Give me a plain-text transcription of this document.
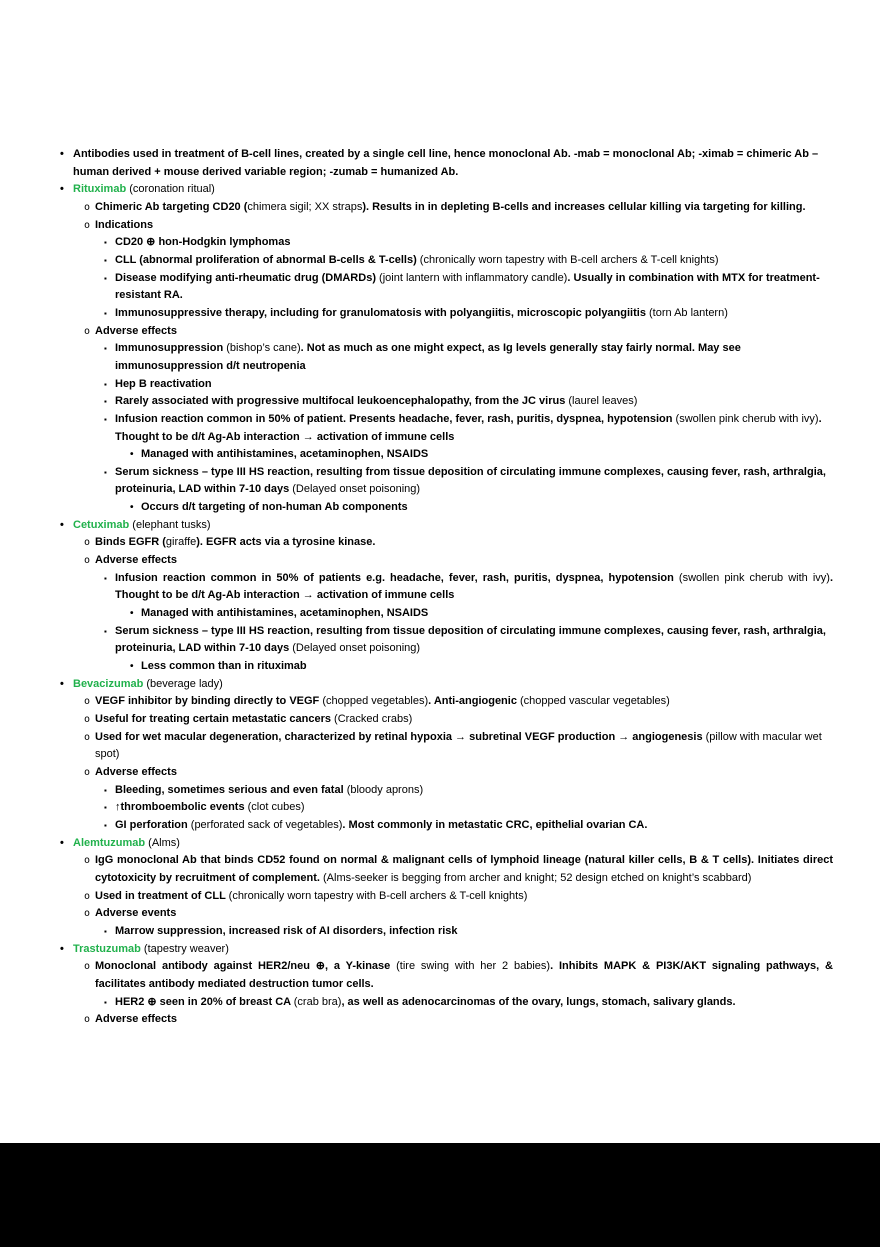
• Antibodies used in treatment of B-cell lines, created by a single cell line, hence monoclonal Ab. -mab = monoclonal Ab; -ximab = chimeric Ab – human derived + mouse derived variable region; -zumab = humanized Ab.
• Rituximab (coronation ritual)
o Chimeric Ab targeting CD20 (chimera sigil; XX straps). Results in in depleting B-cells and increases cellular killing via targeting for killing.
o Indications
▪ CD20 ⊕ hon-Hodgkin lymphomas
▪ CLL (abnormal proliferation of abnormal B-cells & T-cells) (chronically worn tapestry with B-cell archers & T-cell knights)
▪ Disease modifying anti-rheumatic drug (DMARDs) (joint lantern with inflammatory candle). Usually in combination with MTX for treatment-resistant RA.
▪ Immunosuppressive therapy, including for granulomatosis with polyangiitis, microscopic polyangiitis (torn Ab lantern)
o Adverse effects
▪ Immunosuppression (bishop’s cane). Not as much as one might expect, as Ig levels generally stay fairly normal. May see immunosuppression d/t neutropenia
▪ Hep B reactivation
▪ Rarely associated with progressive multifocal leukoencephalopathy, from the JC virus (laurel leaves)
▪ Infusion reaction common in 50% of patient. Presents headache, fever, rash, puritis, dyspnea, hypotension (swollen pink cherub with ivy). Thought to be d/t Ag-Ab interaction → activation of immune cells
• Managed with antihistamines, acetaminophen, NSAIDS
▪ Serum sickness – type III HS reaction, resulting from tissue deposition of circulating immune complexes, causing fever, rash, arthralgia, proteinuria, LAD within 7-10 days (Delayed onset poisoning)
• Occurs d/t targeting of non-human Ab components
• Cetuximab (elephant tusks)
o Binds EGFR (giraffe). EGFR acts via a tyrosine kinase.
o Adverse effects
▪ Infusion reaction common in 50% of patients e.g. headache, fever, rash, puritis, dyspnea, hypotension (swollen pink cherub with ivy). Thought to be d/t Ag-Ab interaction → activation of immune cells
• Managed with antihistamines, acetaminophen, NSAIDS
▪ Serum sickness – type III HS reaction, resulting from tissue deposition of circulating immune complexes, causing fever, rash, arthralgia, proteinuria, LAD within 7-10 days (Delayed onset poisoning)
• Less common than in rituximab
• Bevacizumab (beverage lady)
o VEGF inhibitor by binding directly to VEGF (chopped vegetables). Anti-angiogenic (chopped vascular vegetables)
o Useful for treating certain metastatic cancers (Cracked crabs)
o Used for wet macular degeneration, characterized by retinal hypoxia → subretinal VEGF production → angiogenesis (pillow with macular wet spot)
o Adverse effects
▪ Bleeding, sometimes serious and even fatal (bloody aprons)
▪ ↑thromboembolic events (clot cubes)
▪ GI perforation (perforated sack of vegetables). Most commonly in metastatic CRC, epithelial ovarian CA.
• Alemtuzumab (Alms)
o IgG monoclonal Ab that binds CD52 found on normal & malignant cells of lymphoid lineage (natural killer cells, B & T cells). Initiates direct cytotoxicity by recruitment of complement. (Alms-seeker is begging from archer and knight; 52 design etched on knight’s scabbard)
o Used in treatment of CLL (chronically worn tapestry with B-cell archers & T-cell knights)
o Adverse events
▪ Marrow suppression, increased risk of AI disorders, infection risk
• Trastuzumab (tapestry weaver)
o Monoclonal antibody against HER2/neu ⊕, a Y-kinase (tire swing with her 2 babies). Inhibits MAPK & PI3K/AKT signaling pathways, & facilitates antibody mediated destruction tumor cells.
▪ HER2 ⊕ seen in 20% of breast CA (crab bra), as well as adenocarcinomas of the ovary, lungs, stomach, salivary glands.
o Adverse effects
